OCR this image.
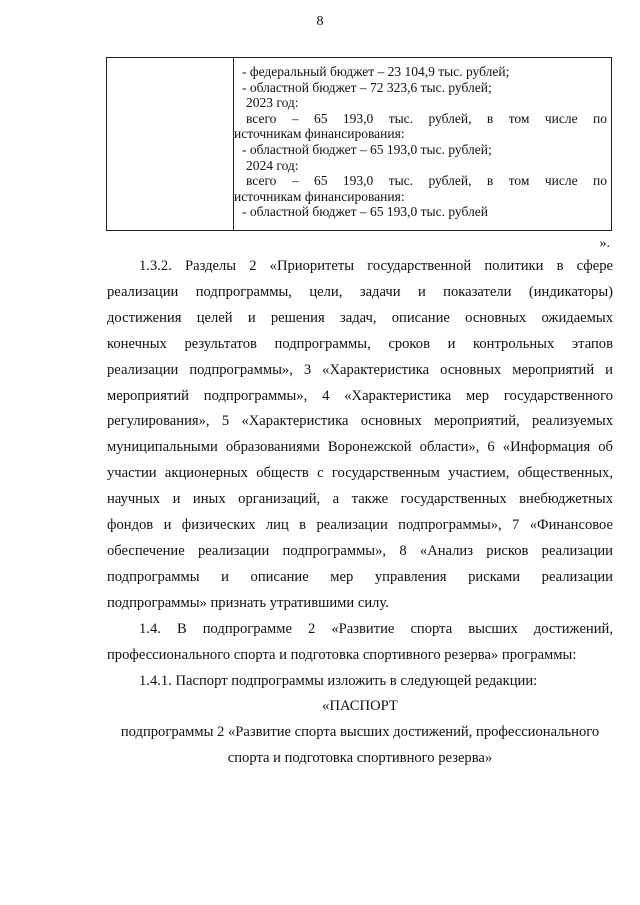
8
- федеральный бюджет – 23 104,9 тыс. рублей;
- областной бюджет – 72 323,6 тыс. рублей;
2023 год:
всего – 65 193,0 тыс. рублей, в том числе по
источникам финансирования:
- областной бюджет – 65 193,0 тыс. рублей;
2024 год:
всего – 65 193,0 тыс. рублей, в том числе по
источникам финансирования:
- областной бюджет – 65 193,0 тыс. рублей
».
1.3.2. Разделы 2 «Приоритеты государственной политики в сфере
реализации подпрограммы, цели, задачи и показатели (индикаторы)
достижения целей и решения задач, описание основных ожидаемых
конечных результатов подпрограммы, сроков и контрольных этапов
реализации подпрограммы», 3 «Характеристика основных мероприятий и
мероприятий подпрограммы», 4 «Характеристика мер государственного
регулирования», 5 «Характеристика основных мероприятий, реализуемых
муниципальными образованиями Воронежской области», 6 «Информация об
участии акционерных обществ с государственным участием, общественных,
научных и иных организаций, а также государственных внебюджетных
фондов и физических лиц в реализации подпрограммы», 7 «Финансовое
обеспечение реализации подпрограммы», 8 «Анализ рисков реализации
подпрограммы и описание мер управления рисками реализации
подпрограммы» признать утратившими силу.
1.4. В подпрограмме 2 «Развитие спорта высших достижений,
профессионального спорта и подготовка спортивного резерва» программы:
1.4.1. Паспорт подпрограммы изложить в следующей редакции:
«ПАСПОРТ
подпрограммы 2 «Развитие спорта высших достижений, профессионального
спорта и подготовка спортивного резерва»
